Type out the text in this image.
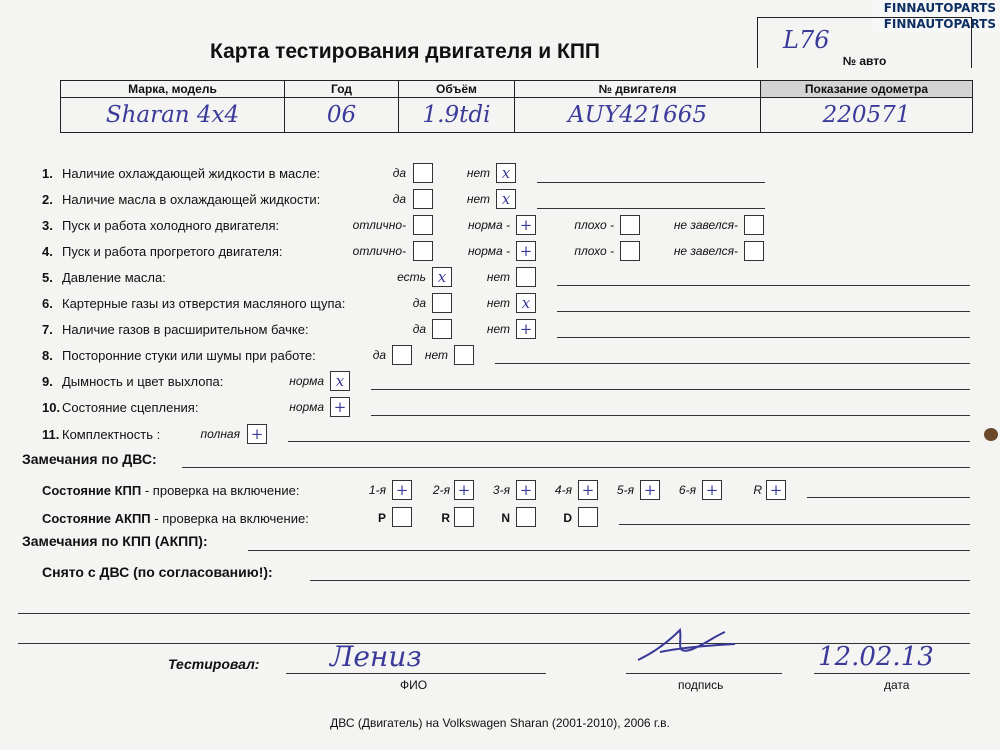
FINNAUTOPARTS
FINNAUTOPARTS
Карта тестирования двигателя и КПП	L76
№ авто
Марка, модель	Год	Объём	№ двигателя	Показание одометра
Sharan 4x4	06	1.9tdi	AUY421665	220571
1. Наличие охлаждающей жидкости в масле:	да	нет x
2. Наличие масла в охлаждающей жидкости:	да	нет x
3. Пуск и работа холодного двигателя:	отлично-	норма - +	плохо -	не завелся-
4. Пуск и работа прогретого двигателя:	отлично-	норма - +	плохо -	не завелся-
5. Давление масла:	есть x	нет
6. Картерные газы из отверстия масляного щупа:	да	нет x
7. Наличие газов в расширительном бачке:	да	нет +
8. Посторонние стуки или шумы при работе:	да	нет
9. Дымность и цвет выхлопа:	норма x
10. Состояние сцепления:	норма +
11. Комплектность :	полная +
Замечания по ДВС:
Состояние КПП - проверка на включение:	1-я +	2-я +	3-я +	4-я +	5-я +	6-я +	R +
Состояние АКПП - проверка на включение:	P	R	N	D
Замечания по КПП (АКПП):
Снято с ДВС (по согласованию!):
Тестировал:	Лениз
ФИО	подпись
12.02.13
дата
ДВС (Двигатель) на Volkswagen Sharan (2001-2010), 2006 г.в.
